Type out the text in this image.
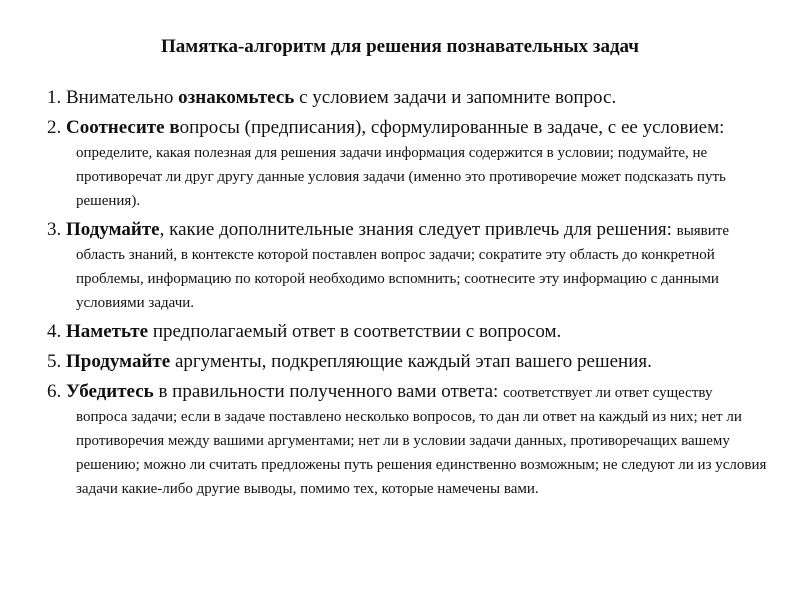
Памятка-алгоритм для решения познавательных задач
1. Внимательно ознакомьтесь с условием задачи и запомните вопрос.
2. Соотнесите вопросы (предписания), сформулированные в задаче, с ее условием: определите, какая полезная для решения задачи информация содержится в условии; подумайте, не противоречат ли друг другу данные условия задачи (именно это противоречие может подсказать путь решения).
3. Подумайте, какие дополнительные знания следует привлечь для решения: выявите область знаний, в контексте которой поставлен вопрос задачи; сократите эту область до конкретной проблемы, информацию по которой необходимо вспомнить; соотнесите эту информацию с данными условиями задачи.
4. Наметьте предполагаемый ответ в соответствии с вопросом.
5. Продумайте аргументы, подкрепляющие каждый этап вашего решения.
6. Убедитесь в правильности полученного вами ответа: соответствует ли ответ существу вопроса задачи; если в задаче поставлено несколько вопросов, то дан ли ответ на каждый из них; нет ли противоречия между вашими аргументами; нет ли в условии задачи данных, противоречащих вашему решению; можно ли считать предложены путь решения единственно возможным; не следуют ли из условия задачи какие-либо другие выводы, помимо тех, которые намечены вами.
